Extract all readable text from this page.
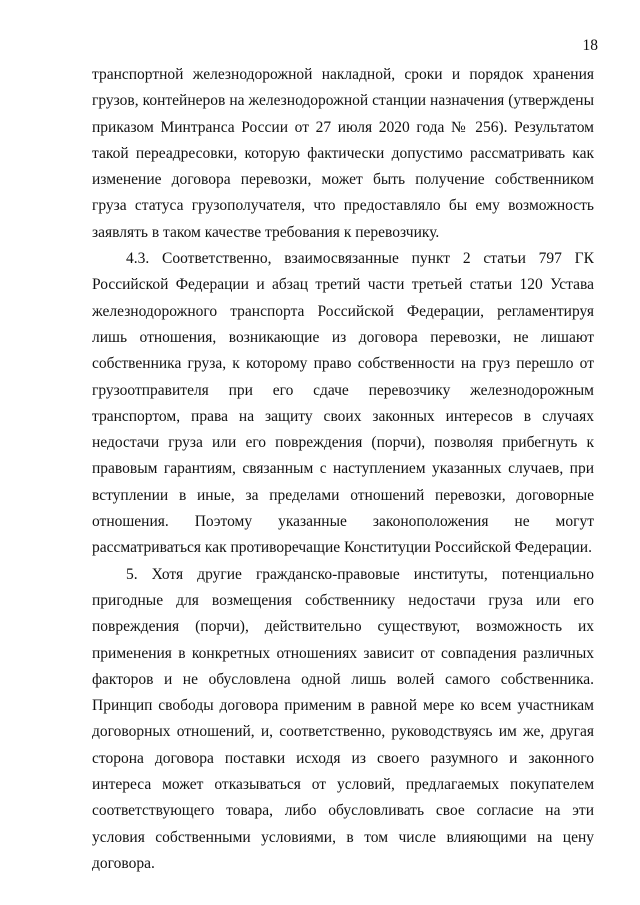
18

транспортной железнодорожной накладной, сроки и порядок хранения грузов, контейнеров на железнодорожной станции назначения (утверждены приказом Минтранса России от 27 июля 2020 года № 256). Результатом такой переадресовки, которую фактически допустимо рассматривать как изменение договора перевозки, может быть получение собственником груза статуса грузополучателя, что предоставляло бы ему возможность заявлять в таком качестве требования к перевозчику.

4.3. Соответственно, взаимосвязанные пункт 2 статьи 797 ГК Российской Федерации и абзац третий части третьей статьи 120 Устава железнодорожного транспорта Российской Федерации, регламентируя лишь отношения, возникающие из договора перевозки, не лишают собственника груза, к которому право собственности на груз перешло от грузоотправителя при его сдаче перевозчику железнодорожным транспортом, права на защиту своих законных интересов в случаях недостачи груза или его повреждения (порчи), позволяя прибегнуть к правовым гарантиям, связанным с наступлением указанных случаев, при вступлении в иные, за пределами отношений перевозки, договорные отношения. Поэтому указанные законоположения не могут рассматриваться как противоречащие Конституции Российской Федерации.

5. Хотя другие гражданско-правовые институты, потенциально пригодные для возмещения собственнику недостачи груза или его повреждения (порчи), действительно существуют, возможность их применения в конкретных отношениях зависит от совпадения различных факторов и не обусловлена одной лишь волей самого собственника. Принцип свободы договора применим в равной мере ко всем участникам договорных отношений, и, соответственно, руководствуясь им же, другая сторона договора поставки исходя из своего разумного и законного интереса может отказываться от условий, предлагаемых покупателем соответствующего товара, либо обусловливать свое согласие на эти условия собственными условиями, в том числе влияющими на цену договора.
